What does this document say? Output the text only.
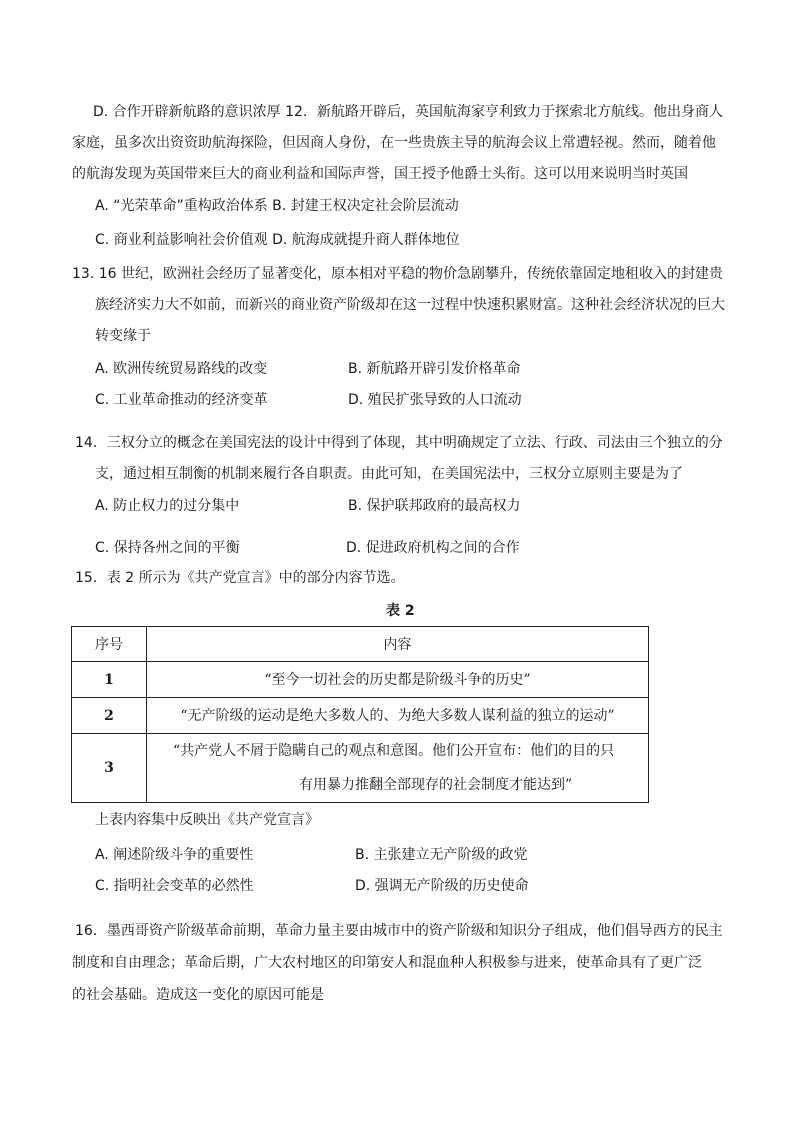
D. 合作开辟新航路的意识浓厚 12．新航路开辟后，英国航海家亨利致力于探索北方航线。他出身商人
家庭，虽多次出资资助航海探险，但因商人身份，在一些贵族主导的航海会议上常遭轻视。然而，随着他
的航海发现为英国带来巨大的商业利益和国际声誉，国王授予他爵士头衔。这可以用来说明当时英国
A. “光荣革命”重构政治体系 B. 封建王权决定社会阶层流动
C. 商业利益影响社会价值观 D. 航海成就提升商人群体地位
13. 16 世纪，欧洲社会经历了显著变化，原本相对平稳的物价急剧攀升，传统依靠固定地租收入的封建贵
族经济实力大不如前，而新兴的商业资产阶级却在这一过程中快速积累财富。这种社会经济状况的巨大
转变缘于
A. 欧洲传统贸易路线的改变	B. 新航路开辟引发价格革命
C. 工业革命推动的经济变革	D. 殖民扩张导致的人口流动
14．三权分立的概念在美国宪法的设计中得到了体现，其中明确规定了立法、行政、司法由三个独立的分
支，通过相互制衡的机制来履行各自职责。由此可知，在美国宪法中，三权分立原则主要是为了
A. 防止权力的过分集中	B. 保护联邦政府的最高权力
C. 保持各州之间的平衡	D. 促进政府机构之间的合作
15．表 2 所示为《共产党宣言》中的部分内容节选。
表 2
序号	内容
1	“至今一切社会的历史都是阶级斗争的历史”
2	“无产阶级的运动是绝大多数人的、为绝大多数人谋利益的独立的运动”
3	“共产党人不屑于隐瞒自己的观点和意图。他们公开宣布：他们的目的只
有用暴力推翻全部现存的社会制度才能达到”
上表内容集中反映出《共产党宣言》
A. 阐述阶级斗争的重要性	B. 主张建立无产阶级的政党
C. 指明社会变革的必然性	D. 强调无产阶级的历史使命
16．墨西哥资产阶级革命前期，革命力量主要由城市中的资产阶级和知识分子组成，他们倡导西方的民主
制度和自由理念；革命后期，广大农村地区的印第安人和混血种人积极参与进来，使革命具有了更广泛
的社会基础。造成这一变化的原因可能是
